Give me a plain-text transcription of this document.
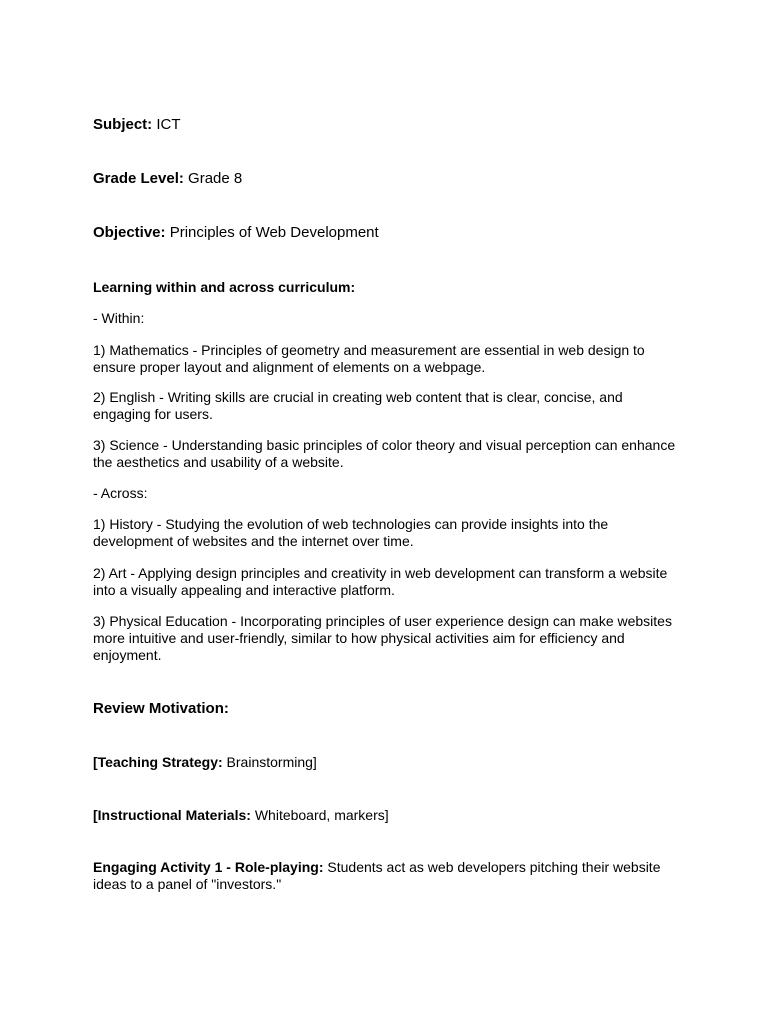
Subject: ICT

Grade Level: Grade 8

Objective: Principles of Web Development

Learning within and across curriculum:

- Within:

1) Mathematics - Principles of geometry and measurement are essential in web design to ensure proper layout and alignment of elements on a webpage.

2) English - Writing skills are crucial in creating web content that is clear, concise, and engaging for users.

3) Science - Understanding basic principles of color theory and visual perception can enhance the aesthetics and usability of a website.

- Across:

1) History - Studying the evolution of web technologies can provide insights into the development of websites and the internet over time.

2) Art - Applying design principles and creativity in web development can transform a website into a visually appealing and interactive platform.

3) Physical Education - Incorporating principles of user experience design can make websites more intuitive and user-friendly, similar to how physical activities aim for efficiency and enjoyment.

Review Motivation:

[Teaching Strategy: Brainstorming]

[Instructional Materials: Whiteboard, markers]

Engaging Activity 1 - Role-playing: Students act as web developers pitching their website ideas to a panel of "investors."
